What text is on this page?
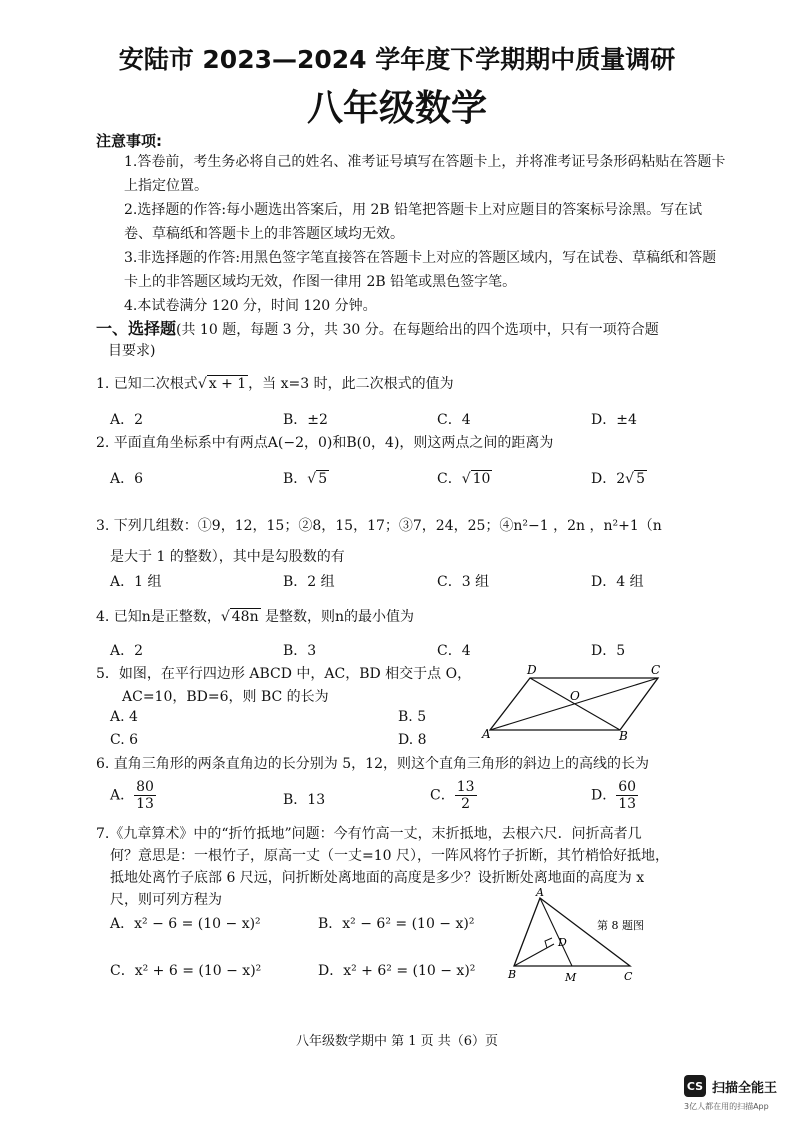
安陆市 2023—2024 学年度下学期期中质量调研
八年级数学
注意事项:
1.答卷前，考生务必将自己的姓名、准考证号填写在答题卡上，并将准考证号条形码粘贴在答题卡上指定位置。
2.选择题的作答:每小题选出答案后，用 2B 铅笔把答题卡上对应题目的答案标号涂黑。写在试卷、草稿纸和答题卡上的非答题区域均无效。
3.非选择题的作答:用黑色签字笔直接答在答题卡上对应的答题区域内，写在试卷、草稿纸和答题卡上的非答题区域均无效，作图一律用 2B 铅笔或黑色签字笔。
4.本试卷满分 120 分，时间 120 分钟。
一、选择题(共 10 题，每题 3 分，共 30 分。在每题给出的四个选项中，只有一项符合题
目要求)
1. 已知二次根式√ x + 1 ，当 x=3 时，此二次根式的值为
A．2	B．±2	C．4	D．±4
2. 平面直角坐标系中有两点A(−2，0)和B(0，4)，则这两点之间的距离为
A．6	B．√ 5	C．√ 10	D．2√ 5
3. 下列几组数：①9，12，15；②8，15，17；③7，24，25；④n²−1 ，2n ，n²+1（n
是大于 1 的整数），其中是勾股数的有
A．1 组	B．2 组	C．3 组	D．4 组
4. 已知n是正整数，√ 48n 是整数，则n的最小值为
A．2	B．3	C．4	D．5
5．如图，在平行四边形 ABCD 中，AC，BD 相交于点 O，
AC=10，BD=6，则 BC 的长为
A. 4	B. 5
C. 6	D. 8	A	B
C
D
O
6. 直角三角形的两条直角边的长分别为 5，12，则这个直角三角形的斜边上的高线的长为
A． $\frac{80}{13}$	B．13	C． $\frac{13}{2}$	D． $\frac{60}{13}$
7.《九章算术》中的“折竹抵地”问题：今有竹高一丈，末折抵地，去根六尺．问折高者几
何？意思是：一根竹子，原高一丈（一丈=10 尺），一阵风将竹子折断，其竹梢恰好抵地，
抵地处离竹子底部 6 尺远，问折断处离地面的高度是多少？设折断处离地面的高度为 x
尺，则可列方程为
A．x² − 6 = (10 − x)²	B．x² − 6² = (10 − x)²
C．x² + 6 = (10 − x)²	D．x² + 6² = (10 − x)²
A
B	C
D
M
第 8 题图
八年级数学期中 第 1 页 共（6）页
CS 扫描全能王
3亿人都在用的扫描App
